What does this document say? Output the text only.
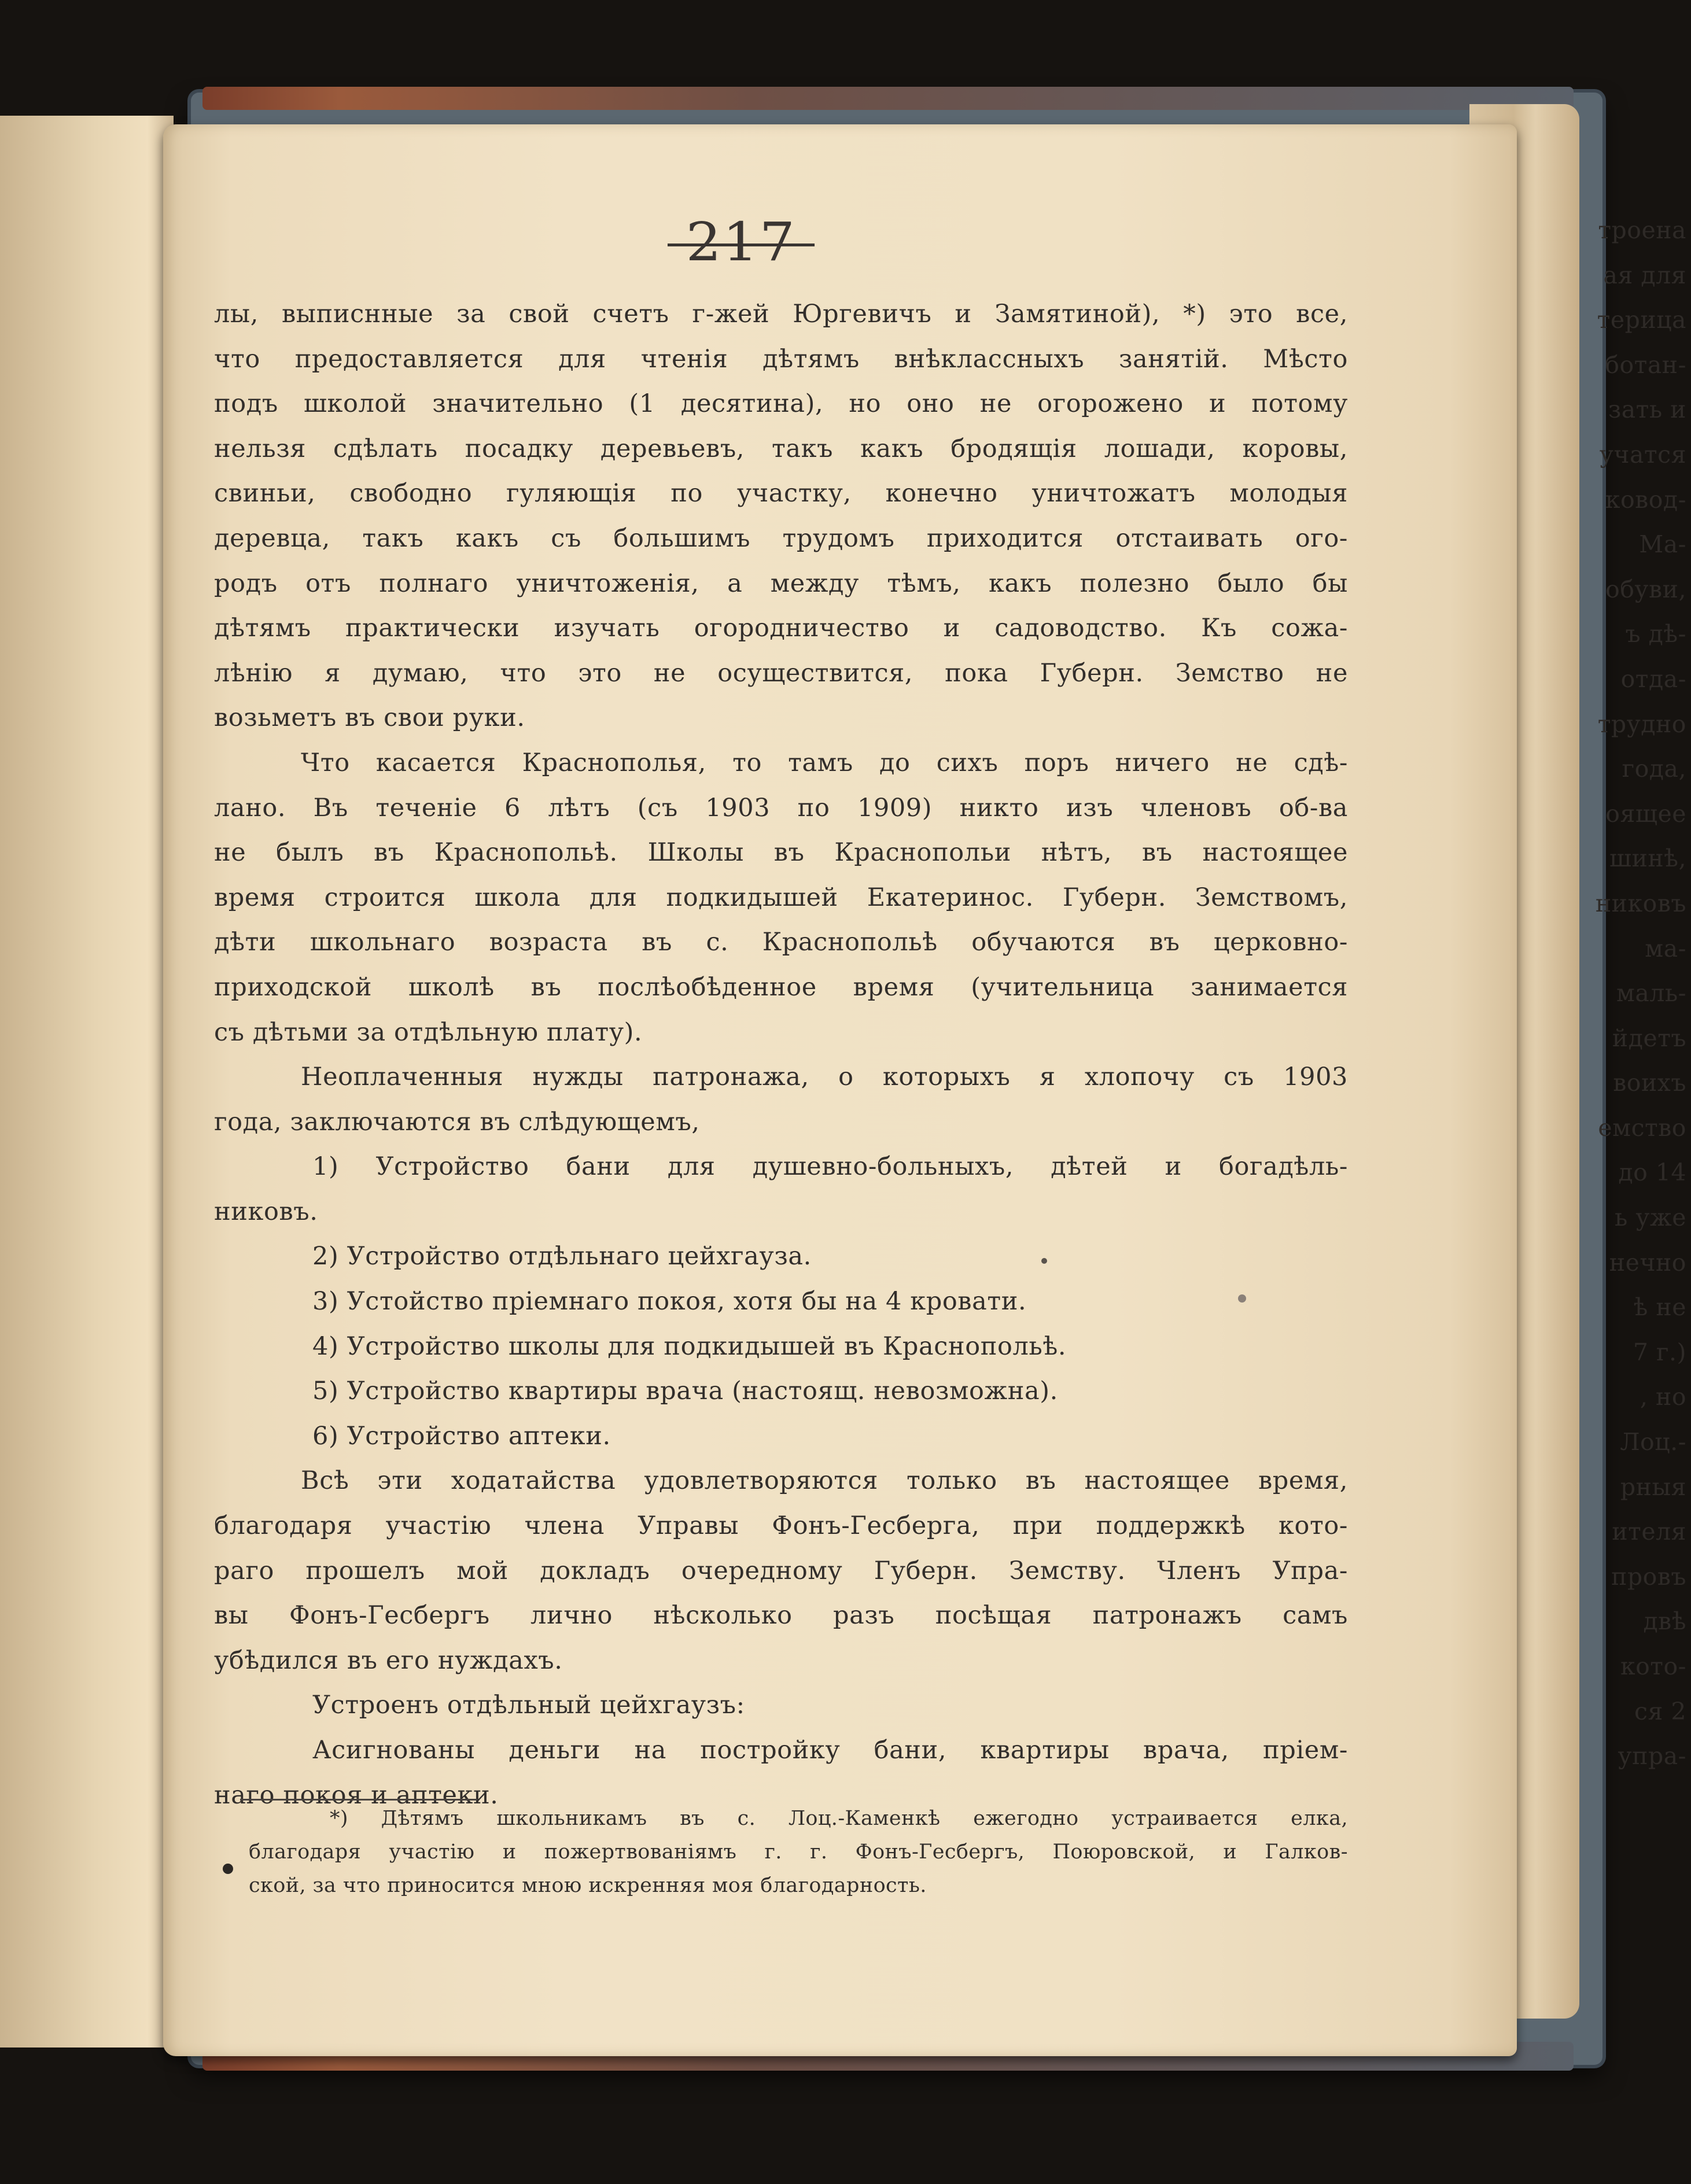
троена
ая для
терица
ботан-
зать и
учатся
ковод-
Ма-
обуви,
ъ дѣ-
отда-
трудно
года,
оящее
шинѣ,
никовъ
ма-
маль-
йдетъ
воихъ
емство
до 14
ь уже
нечно
ѣ не
7 г.)
, но
Лоц.-
рныя
ителя
провъ
двѣ
кото-
ся 2
упра-
217
лы, выписнные за свой счетъ г-жей Юргевичъ и Замятиной), *) это все,
что предоставляется для чтенія дѣтямъ внѣклассныхъ занятій. Мѣсто
подъ школой значительно (1 десятина), но оно не огорожено и потому
нельзя сдѣлать посадку деревьевъ, такъ какъ бродящія лошади, коровы,
свиньи, свободно гуляющія по участку, конечно уничтожатъ молодыя
деревца, такъ какъ съ большимъ трудомъ приходится отстаивать ого-
родъ отъ полнаго уничтоженія, а между тѣмъ, какъ полезно было бы
дѣтямъ практически изучать огородничество и садоводство. Къ сожа-
лѣнію я думаю, что это не осуществится, пока Губерн. Земство не
возьметъ въ свои руки.
Что касается Краснополья, то тамъ до сихъ поръ ничего не сдѣ-
лано. Въ теченіе 6 лѣтъ (съ 1903 по 1909) никто изъ членовъ об-ва
не былъ въ Краснопольѣ. Школы въ Краснопольи нѣтъ, въ настоящее
время строится школа для подкидышей Екатеринос. Губерн. Земствомъ,
дѣти школьнаго возраста въ с. Краснопольѣ обучаются въ церковно-
приходской школѣ въ послѣобѣденное время (учительница занимается
съ дѣтьми за отдѣльную плату).
Неоплаченныя нужды патронажа, о которыхъ я хлопочу съ 1903
года, заключаются въ слѣдующемъ,
1) Устройство бани для душевно-больныхъ, дѣтей и богадѣль-
никовъ.
2) Устройство отдѣльнаго цейхгауза.
3) Устойство пріемнаго покоя, хотя бы на 4 кровати.
4) Устройство школы для подкидышей въ Краснопольѣ.
5) Устройство квартиры врача (настоящ. невозможна).
6) Устройство аптеки.
Всѣ эти ходатайства удовлетворяются только въ настоящее время,
благодаря участію члена Управы Фонъ-Гесберга, при поддержкѣ кото-
раго прошелъ мой докладъ очередному Губерн. Земству. Членъ Упра-
вы Фонъ-Гесбергъ лично нѣсколько разъ посѣщая патронажъ самъ
убѣдился въ его нуждахъ.
Устроенъ отдѣльный цейхгаузъ:
Асигнованы деньги на постройку бани, квартиры врача, пріем-
наго покоя и аптеки.
*) Дѣтямъ школьникамъ въ с. Лоц.-Каменкѣ ежегодно устраивается елка,
благодаря участію и пожертвованіямъ г. г. Фонъ-Гесбергъ, Поюровской, и Галков-
ской, за что приносится мною искренняя моя благодарность.
